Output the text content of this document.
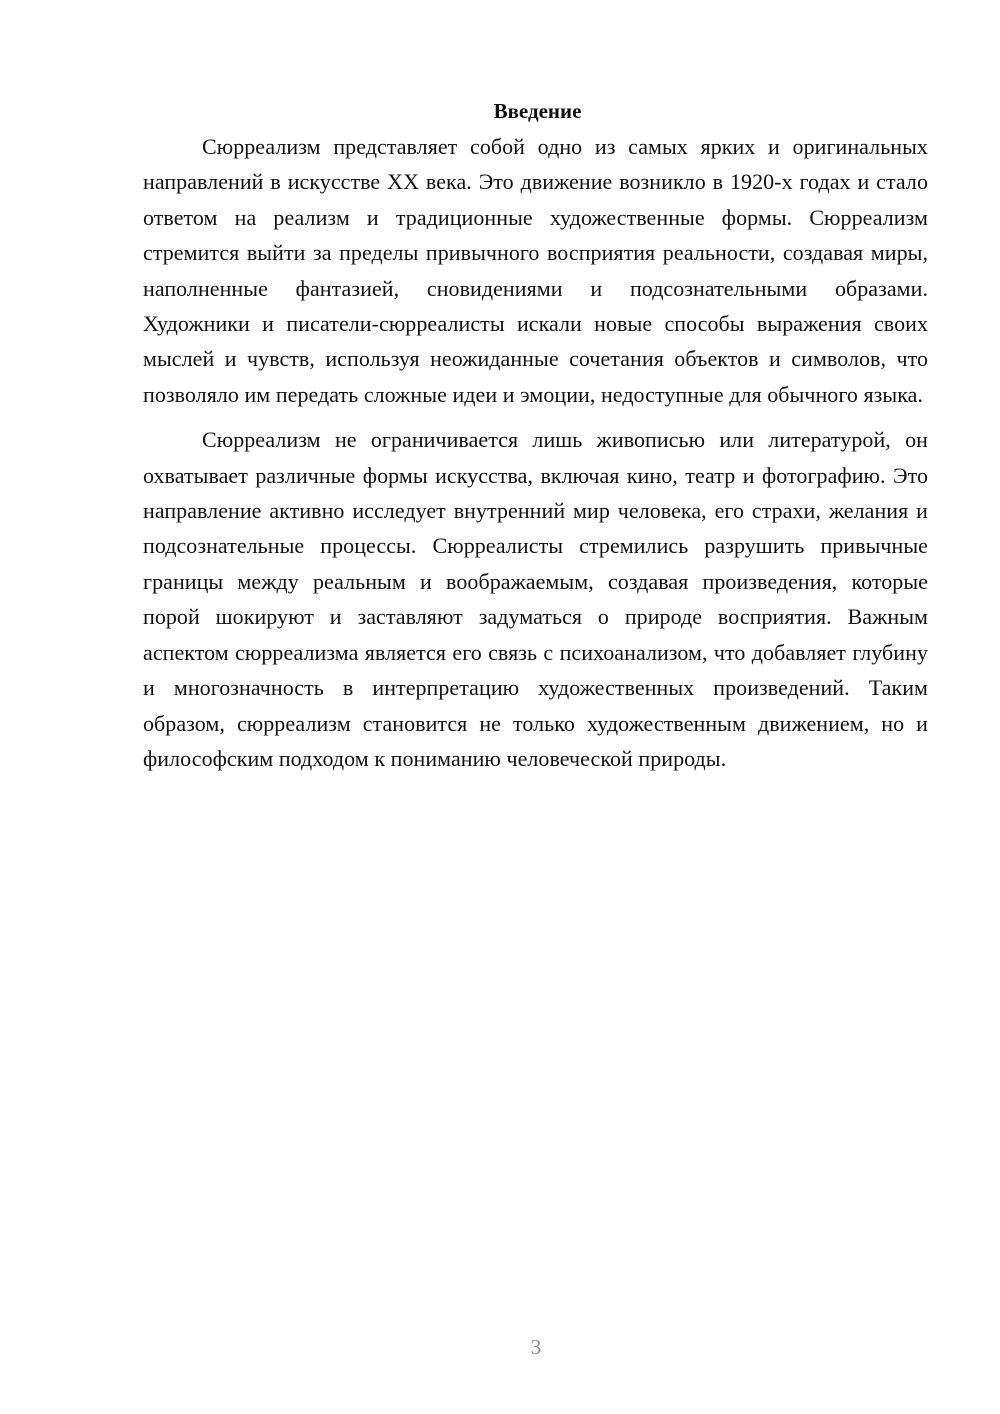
Введение

Сюрреализм представляет собой одно из самых ярких и оригинальных направлений в искусстве XX века. Это движение возникло в 1920-х годах и стало ответом на реализм и традиционные художественные формы. Сюрреализм стремится выйти за пределы привычного восприятия реальности, создавая миры, наполненные фантазией, сновидениями и подсознательными образами. Художники и писатели-сюрреалисты искали новые способы выражения своих мыслей и чувств, используя неожиданные сочетания объектов и символов, что позволяло им передать сложные идеи и эмоции, недоступные для обычного языка.

Сюрреализм не ограничивается лишь живописью или литературой, он охватывает различные формы искусства, включая кино, театр и фотографию. Это направление активно исследует внутренний мир человека, его страхи, желания и подсознательные процессы. Сюрреалисты стремились разрушить привычные границы между реальным и воображаемым, создавая произведения, которые порой шокируют и заставляют задуматься о природе восприятия. Важным аспектом сюрреализма является его связь с психоанализом, что добавляет глубину и многозначность в интерпретацию художественных произведений. Таким образом, сюрреализм становится не только художественным движением, но и философским подходом к пониманию человеческой природы.

3
